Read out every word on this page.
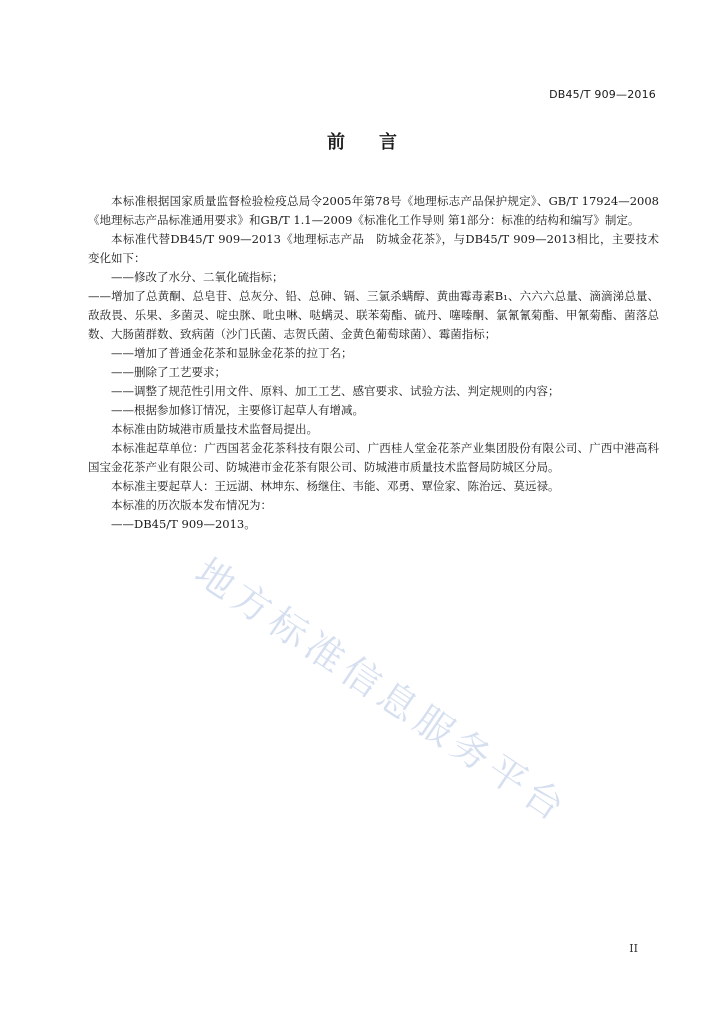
DB45/T 909—2016
前言

本标准根据国家质量监督检验检疫总局令2005年第78号《地理标志产品保护规定》、GB/T 17924—2008《地理标志产品标准通用要求》和GB/T 1.1—2009《标准化工作导则 第1部分：标准的结构和编写》制定。

本标准代替DB45/T 909—2013《地理标志产品　防城金花茶》，与DB45/T 909—2013相比，主要技术变化如下：

——修改了水分、二氧化硫指标；

——增加了总黄酮、总皂苷、总灰分、铅、总砷、镉、三氯杀螨醇、黄曲霉毒素B₁、六六六总量、滴滴涕总量、敌敌畏、乐果、多菌灵、啶虫脒、吡虫啉、哒螨灵、联苯菊酯、硫丹、噻嗪酮、氯氰氰菊酯、甲氰菊酯、菌落总数、大肠菌群数、致病菌（沙门氏菌、志贺氏菌、金黄色葡萄球菌）、霉菌指标；

——增加了普通金花茶和显脉金花茶的拉丁名；

——删除了工艺要求；

——调整了规范性引用文件、原料、加工工艺、感官要求、试验方法、判定规则的内容；

——根据参加修订情况，主要修订起草人有增减。

本标准由防城港市质量技术监督局提出。

本标准起草单位：广西国茗金花茶科技有限公司、广西桂人堂金花茶产业集团股份有限公司、广西中港高科国宝金花茶产业有限公司、防城港市金花茶有限公司、防城港市质量技术监督局防城区分局。

本标准主要起草人：王远湖、林坤东、杨继住、韦能、邓勇、覃俭家、陈治远、莫远禄。

本标准的历次版本发布情况为：

——DB45/T 909—2013。

地方标准信息服务平台
II
